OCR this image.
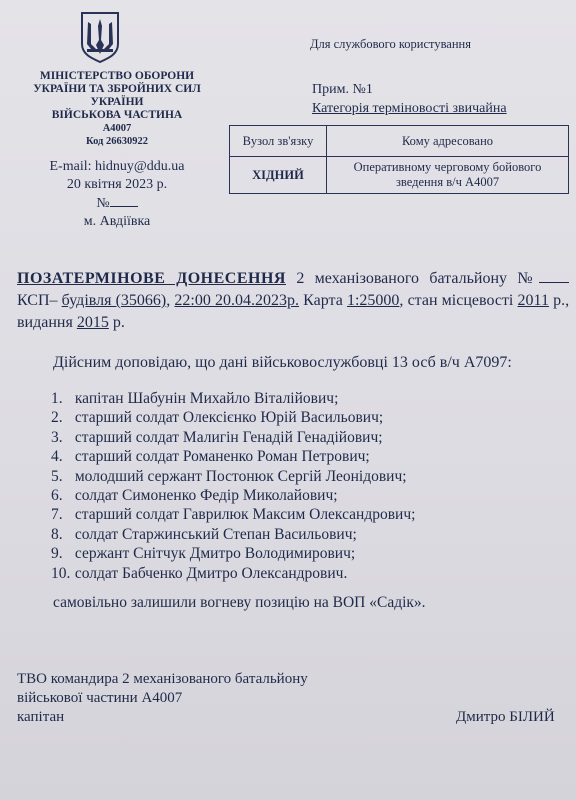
МІНІСТЕРСТВО ОБОРОНИ
УКРАЇНИ ТА ЗБРОЙНИХ СИЛ
УКРАЇНИ
ВІЙСЬКОВА ЧАСТИНА
А4007
Код 26630922
E-mail: hidnuy@ddu.ua
20 квітня 2023 р.
№
м. Авдіївка
Для службового користування
Прим. №1
Категорія терміновості звичайна
Вузол зв'язку	Кому адресовано
ХІДНИЙ	Оперативному черговому бойового зведення в/ч А4007
ПОЗАТЕРМІНОВЕ ДОНЕСЕННЯ 2 механізованого батальйону № КСП– будівля (35066), 22:00 20.04.2023р. Карта 1:25000, стан місцевості 2011 р., видання 2015 р.
Дійсним доповідаю, що дані військовослужбовці 13 осб в/ч А7097:
1. капітан Шабунін Михайло Віталійович;
2. старший солдат Олексієнко Юрій Васильович;
3. старший солдат Малигін Генадій Генадійович;
4. старший солдат Романенко Роман Петрович;
5. молодший сержант Постонюк Сергій Леонідович;
6. солдат Симоненко Федір Миколайович;
7. старший солдат Гаврилюк Максим Олександрович;
8. солдат Старжинський Степан Васильович;
9. сержант Снітчук Дмитро Володимирович;
10. солдат Бабченко Дмитро Олександрович.
самовільно залишили вогневу позицію на ВОП «Садік».
ТВО командира 2 механізованого батальйону
військової частини А4007
капітан	Дмитро БІЛИЙ
